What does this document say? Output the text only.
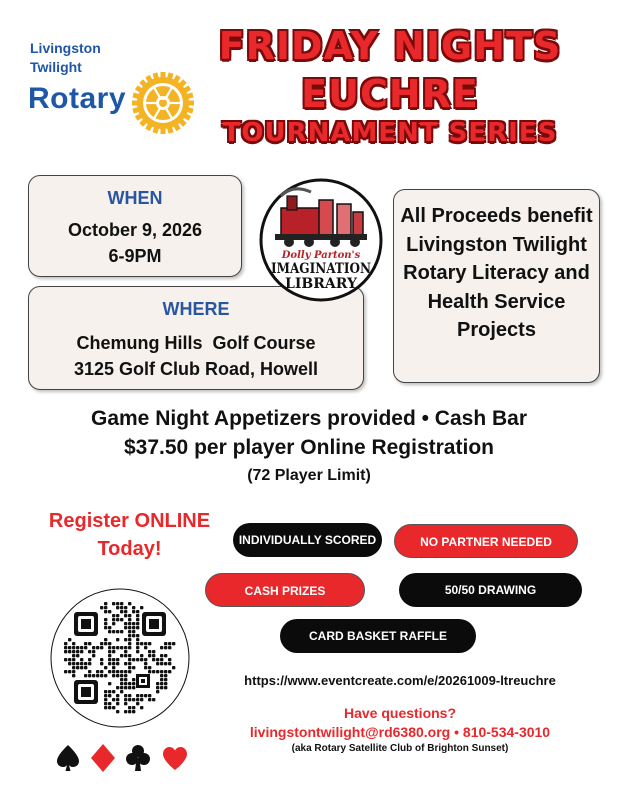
Livingston
Twilight
Rotary
FRIDAY NIGHTS
EUCHRE
TOURNAMENT SERIES
WHEN
October 9, 2026
6-9PM
WHERE
Chemung Hills  Golf Course
3125 Golf Club Road, Howell
Dolly Parton's
IMAGINATION
LIBRARY
All Proceeds benefit Livingston Twilight Rotary Literacy and Health Service Projects
Game Night Appetizers provided • Cash Bar
$37.50 per player Online Registration
(72 Player Limit)
Register ONLINE Today!	INDIVIDUALLY SCORED	NO PARTNER NEEDED
CASH PRIZES	50/50 DRAWING
CARD BASKET RAFFLE
https://www.eventcreate.com/e/20261009-ltreuchre
Have questions?
livingstontwilight@rd6380.org • 810-534-3010
(aka Rotary Satellite Club of Brighton Sunset)
